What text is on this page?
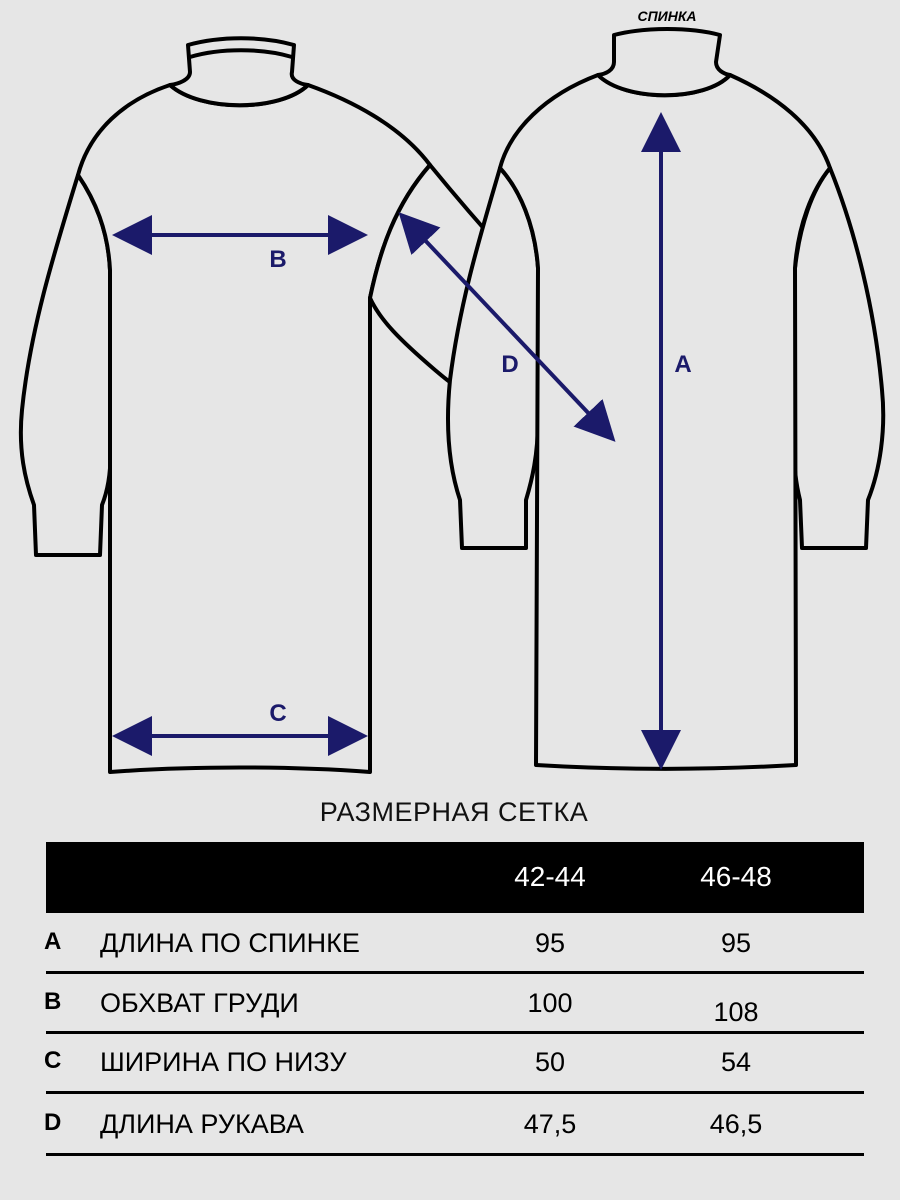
СПИНКА
B
C
D	A
РАЗМЕРНАЯ СЕТКА
42-44	46-48
A ДЛИНА ПО СПИНКЕ	95	95
B ОБХВАТ ГРУДИ	100	108
C ШИРИНА ПО НИЗУ	50	54
D ДЛИНА РУКАВА	47,5	46,5
